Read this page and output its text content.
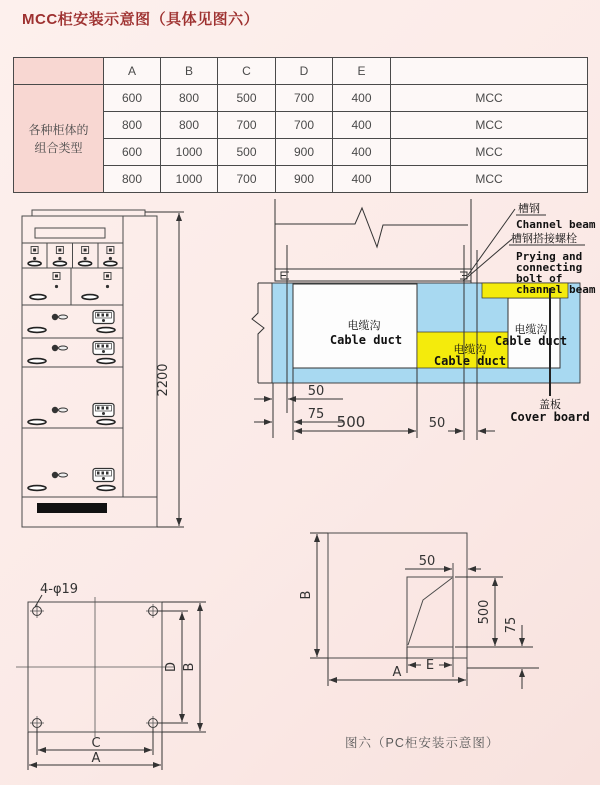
MCC柜安装示意图（具体见图六）
	A	B	C	D	E	
各种柜体的
组合类型	600	800	500	700	400	MCC
	800	800	700	700	400	MCC
	600	1000	500	900	400	MCC
	800	1000	700	900	400	MCC
2200
槽钢
Channel beam
槽钢搭接螺栓
Prying and
connecting
bolt of
channel beam
电缆沟
Cable duct
电缆沟
Cable duct
电缆沟
Cable duct
盖板
Cover board
50
75 500	50
4-φ19
D B
C
A
50
500
75
E
A
B
图六（PC柜安装示意图）
